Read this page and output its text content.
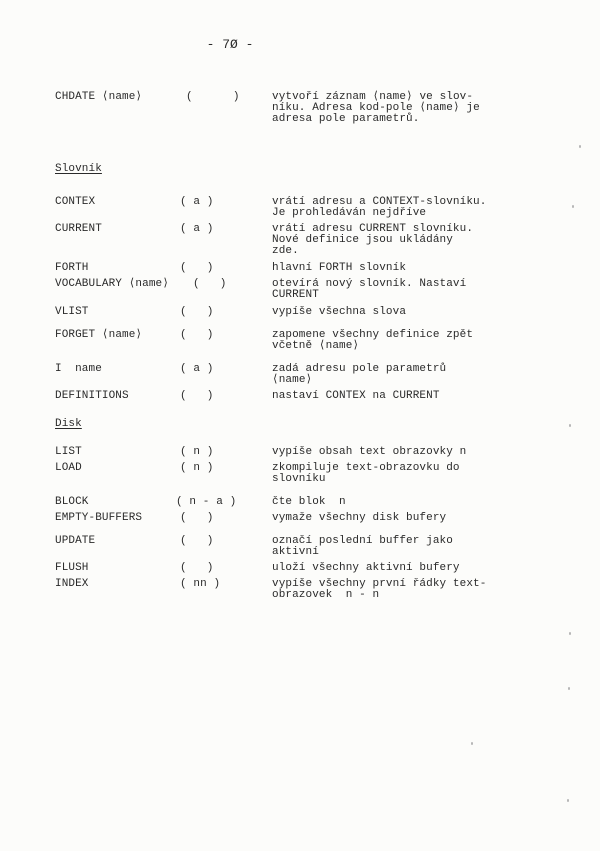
- 7Ø -
CHDATE ⟨name⟩	(      )	vytvoří záznam ⟨name⟩ ve slov-
níku. Adresa kod-pole ⟨name⟩ je
adresa pole parametrů.
Slovník
CONTEX	( a )	vrátí adresu a CONTEXT-slovníku.
Je prohledáván nejdříve
CURRENT	( a )	vrátí adresu CURRENT slovníku.
Nové definice jsou ukládány
zde.
FORTH	(   )	hlavní FORTH slovník
VOCABULARY ⟨name⟩ (   )	otevírá nový slovník. Nastaví
CURRENT
VLIST	(   )	vypíše všechna slova
FORGET ⟨name⟩	(   )	zapomene všechny definice zpět
včetně ⟨name⟩
I  name	( a )	zadá adresu pole parametrů
⟨name⟩
DEFINITIONS	(   )	nastaví CONTEX na CURRENT
Disk
LIST	( n )	vypíše obsah text obrazovky n
LOAD	( n )	zkompiluje text-obrazovku do
slovníku
BLOCK	( n - a )	čte blok  n
EMPTY-BUFFERS	(   )	vymaže všechny disk bufery
UPDATE	(   )	označí poslední buffer jako
aktivní
FLUSH	(   )	uloží všechny aktivní bufery
INDEX	( nn )	vypíše všechny první řádky text-
obrazovek  n - n
